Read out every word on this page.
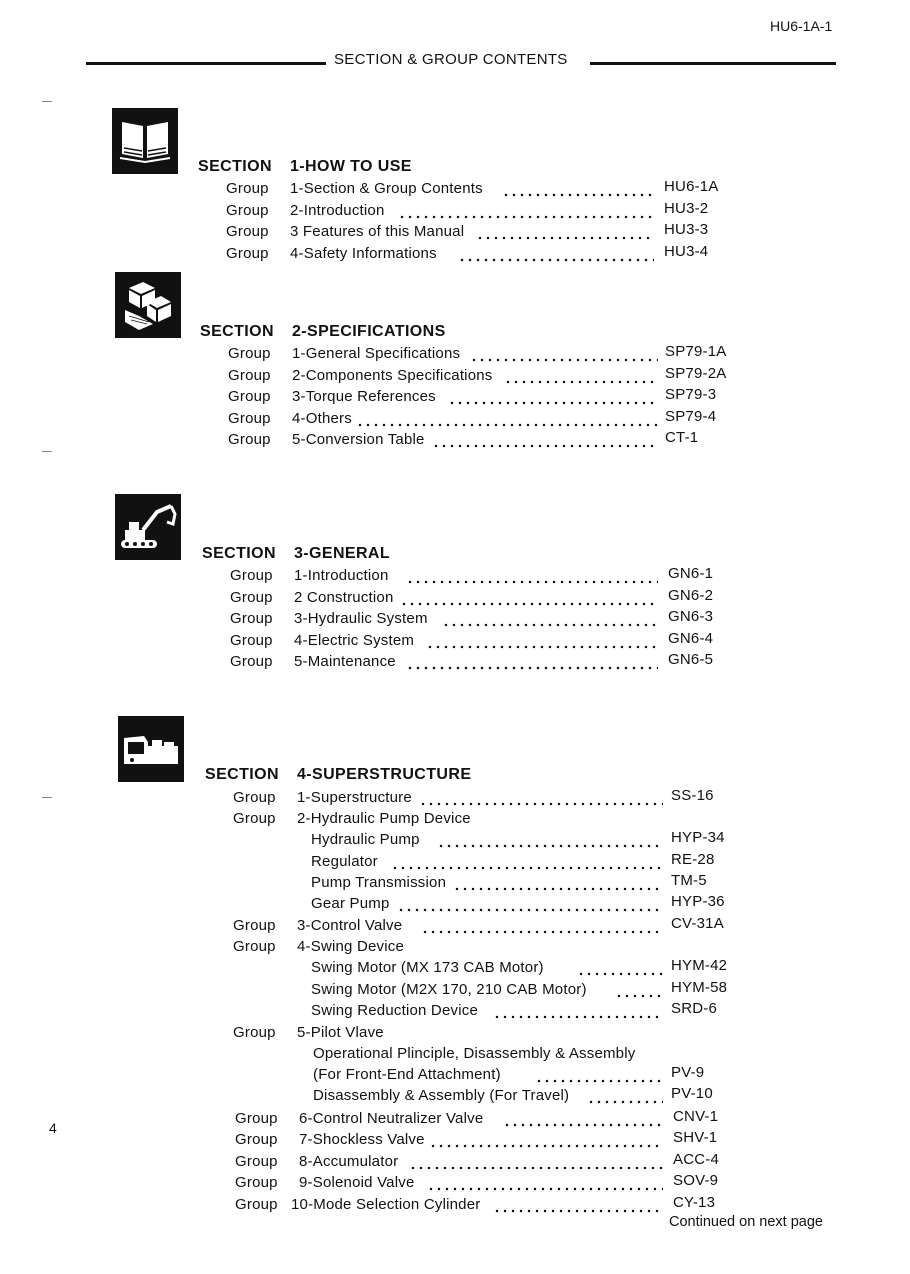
HU6-1A-1
SECTION & GROUP CONTENTS
SECTION 1-HOW TO USE
Group 1-Section & Group Contents	HU6-1A
Group 2-Introduction	HU3-2
Group 3 Features of this Manual	HU3-3
Group 4-Safety Informations	HU3-4
SECTION 2-SPECIFICATIONS
Group 1-General Specifications	SP79-1A
Group 2-Components Specifications	SP79-2A
Group 3-Torque References	SP79-3
Group 4-Others	SP79-4
Group 5-Conversion Table	CT-1
SECTION 3-GENERAL
Group 1-Introduction	GN6-1
Group 2 Construction	GN6-2
Group 3-Hydraulic System	GN6-3
Group 4-Electric System	GN6-4
Group 5-Maintenance	GN6-5
SECTION 4-SUPERSTRUCTURE
Group 1-Superstructure	SS-16
Group 2-Hydraulic Pump Device
Hydraulic Pump	HYP-34
Regulator	RE-28
Pump Transmission	TM-5
Gear Pump	HYP-36
Group 3-Control Valve	CV-31A
Group 4-Swing Device
Swing Motor (MX 173 CAB Motor)	HYM-42
Swing Motor (M2X 170, 210 CAB Motor)	HYM-58
Swing Reduction Device	SRD-6
Group 5-Pilot Vlave
Operational Plinciple, Disassembly & Assembly
(For Front-End Attachment)	PV-9
Disassembly & Assembly (For Travel)	PV-10
Group 6-Control Neutralizer Valve	CNV-1
Group 7-Shockless Valve	SHV-1
Group 8-Accumulator	ACC-4
Group 9-Solenoid Valve	SOV-9
Group 10-Mode Selection Cylinder	CY-13
4
Continued on next page
